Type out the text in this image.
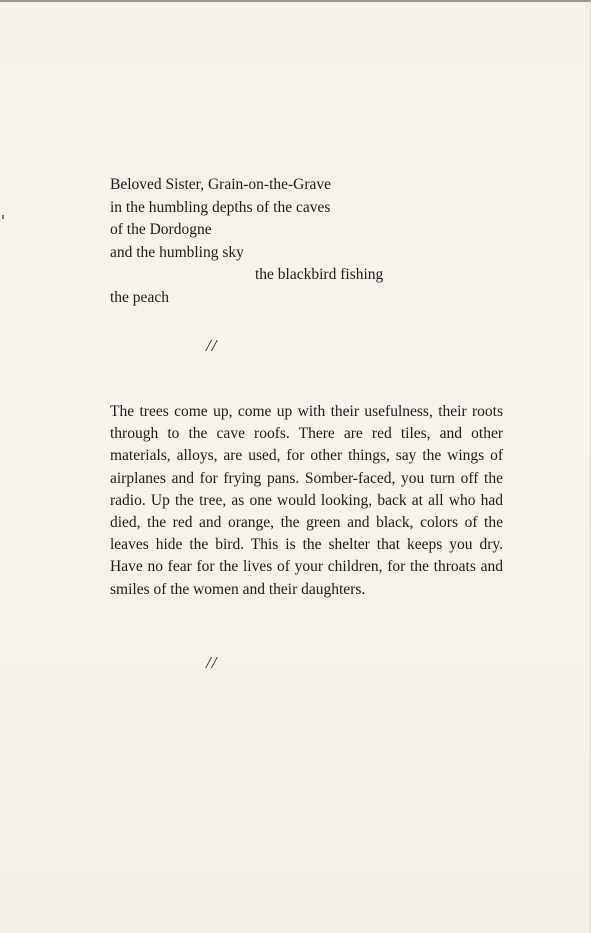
Beloved Sister, Grain-on-the-Grave
in the humbling depths of the caves
of the Dordogne
and the humbling sky
the blackbird fishing
the peach
//
The trees come up, come up with their usefulness, their roots through to the cave roofs. There are red tiles, and other materials, alloys, are used, for other things, say the wings of airplanes and for frying pans. Somber-faced, you turn off the radio. Up the tree, as one would looking, back at all who had died, the red and orange, the green and black, colors of the leaves hide the bird. This is the shelter that keeps you dry. Have no fear for the lives of your children, for the throats and smiles of the women and their daughters.
//
